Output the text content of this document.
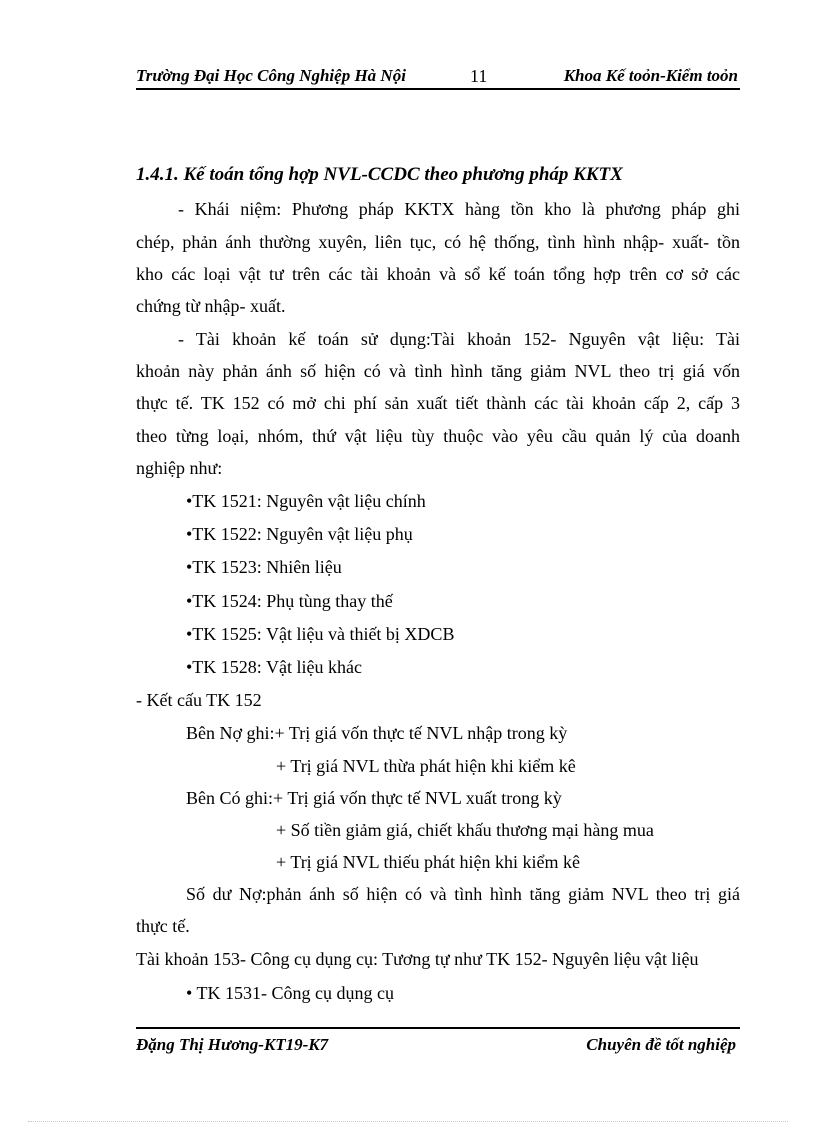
Trường Đại Học Công Nghiệp Hà Nội	11	Khoa Kế toỏn-Kiểm toỏn
1.4.1. Kế toán tổng hợp NVL-CCDC theo phương pháp KKTX
- Khái niệm: Phương pháp KKTX hàng tồn kho là phương pháp ghi
chép, phản ánh thường xuyên, liên tục, có hệ thống, tình hình nhập- xuất- tồn
kho các loại vật tư trên các tài khoản và sổ kế toán tổng hợp trên cơ sở các
chứng từ nhập- xuất.
- Tài khoản kế toán sử dụng:Tài khoản 152- Nguyên vật liệu: Tài
khoản này phản ánh số hiện có và tình hình tăng giảm NVL theo trị giá vốn
thực tế. TK 152 có mở chi phí sản xuất tiết thành các tài khoản cấp 2, cấp 3
theo từng loại, nhóm, thứ vật liệu tùy thuộc vào yêu cầu quản lý của doanh
nghiệp như:
•TK 1521: Nguyên vật liệu chính
•TK 1522: Nguyên vật liệu phụ
•TK 1523: Nhiên liệu
•TK 1524: Phụ tùng thay thế
•TK 1525: Vật liệu và thiết bị XDCB
•TK 1528: Vật liệu khác
- Kết cấu TK 152
Bên Nợ ghi:+ Trị giá vốn thực tế NVL nhập trong kỳ
+ Trị giá NVL thừa phát hiện khi kiểm kê
Bên Có ghi:+ Trị giá vốn thực tế NVL xuất trong kỳ
+ Số tiền giảm giá, chiết khấu thương mại hàng mua
+ Trị giá NVL thiếu phát hiện khi kiểm kê
Số dư Nợ:phản ánh số hiện có và tình hình tăng giảm NVL theo trị giá
thực tế.
Tài khoản 153- Công cụ dụng cụ: Tương tự như TK 152- Nguyên liệu vật liệu
• TK 1531- Công cụ dụng cụ
Đặng Thị Hương-KT19-K7	Chuyên đề tốt nghiệp
